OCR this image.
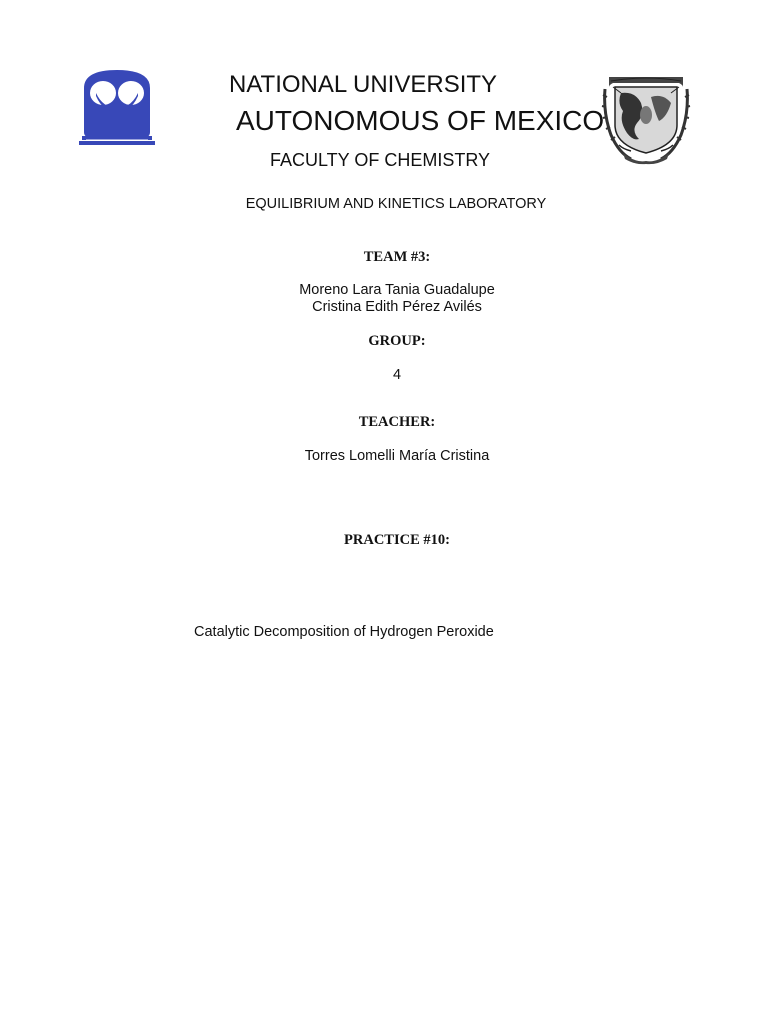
NATIONAL UNIVERSITY
AUTONOMOUS OF MEXICO
FACULTY OF CHEMISTRY
EQUILIBRIUM AND KINETICS LABORATORY
TEAM #3:
Moreno Lara Tania Guadalupe
Cristina Edith Pérez Avilés
GROUP:
4
TEACHER:
Torres Lomelli María Cristina
PRACTICE #10:
Catalytic Decomposition of Hydrogen Peroxide
